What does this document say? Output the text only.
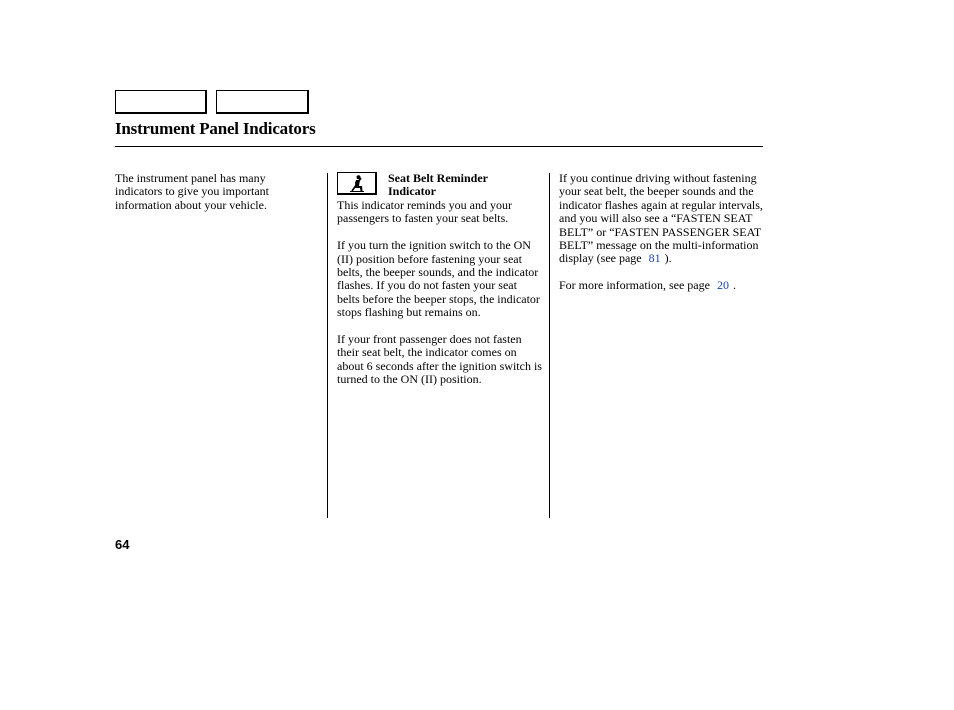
Instrument Panel Indicators

The instrument panel has many indicators to give you important information about your vehicle.

Seat Belt Reminder
Indicator

This indicator reminds you and your passengers to fasten your seat belts.

If you turn the ignition switch to the ON (II) position before fastening your seat belts, the beeper sounds, and the indicator flashes. If you do not fasten your seat belts before the beeper stops, the indicator stops flashing but remains on.

If your front passenger does not fasten their seat belt, the indicator comes on about 6 seconds after the ignition switch is turned to the ON (II) position.

If you continue driving without fastening your seat belt, the beeper sounds and the indicator flashes again at regular intervals, and you will also see a “FASTEN SEAT BELT” or “FASTEN PASSENGER SEAT BELT” message on the multi-information display (see page 81 ).

For more information, see page 20 .

64
